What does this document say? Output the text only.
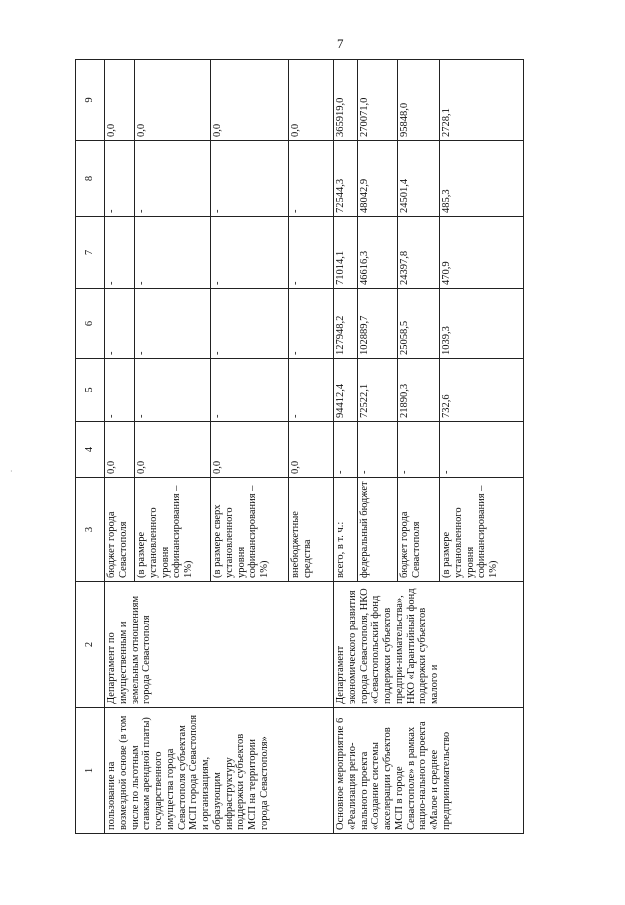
7
·
1	2	3	4	5	6	7	8	9
пользование на возмездной основе (в том числе по льготным ставкам арендной платы) государственного имущества города Севастополя субъектам МСП города Севастополя и организациям, образующим инфраструктуру поддержки субъектов МСП на территории города Севастополя»	Департамент по имущественным и земельным отношениям города Севастополя	бюджет города Севастополя	0,0	-	-	-	-	0,0
		(в размере установленного уровня софинансирования – 1%)	0,0	-	-	-	-	0,0
		(в размере сверх установленного уровня софинансирования – 1%)	0,0	-	-	-	-	0,0
		внебюджетные средства	0,0	-	-	-	-	0,0
Основное мероприятие 6 «Реализация регио-нального проекта «Создание системы акселерации субъектов МСП в городе Севастополе» в рамках нацио-нального проекта «Малое и среднее предпринимательство	Департамент экономического развития города Севастополя, НКО «Севастопольский фонд поддержки субъектов предпри-нимательства», НКО «Гарантийный фонд поддержки субъектов малого и	всего, в т. ч.:	-	94412,4	127948,2	71014,1	72544,3	365919,0
		федеральный бюджет	-	72522,1	102889,7	46616,3	48042,9	270071,0
		бюджет города Севастополя	-	21890,3	25058,5	24397,8	24501,4	95848,0
		(в размере установленного уровня софинансирования – 1%)	-	732,6	1039,3	470,9	485,3	2728,1
